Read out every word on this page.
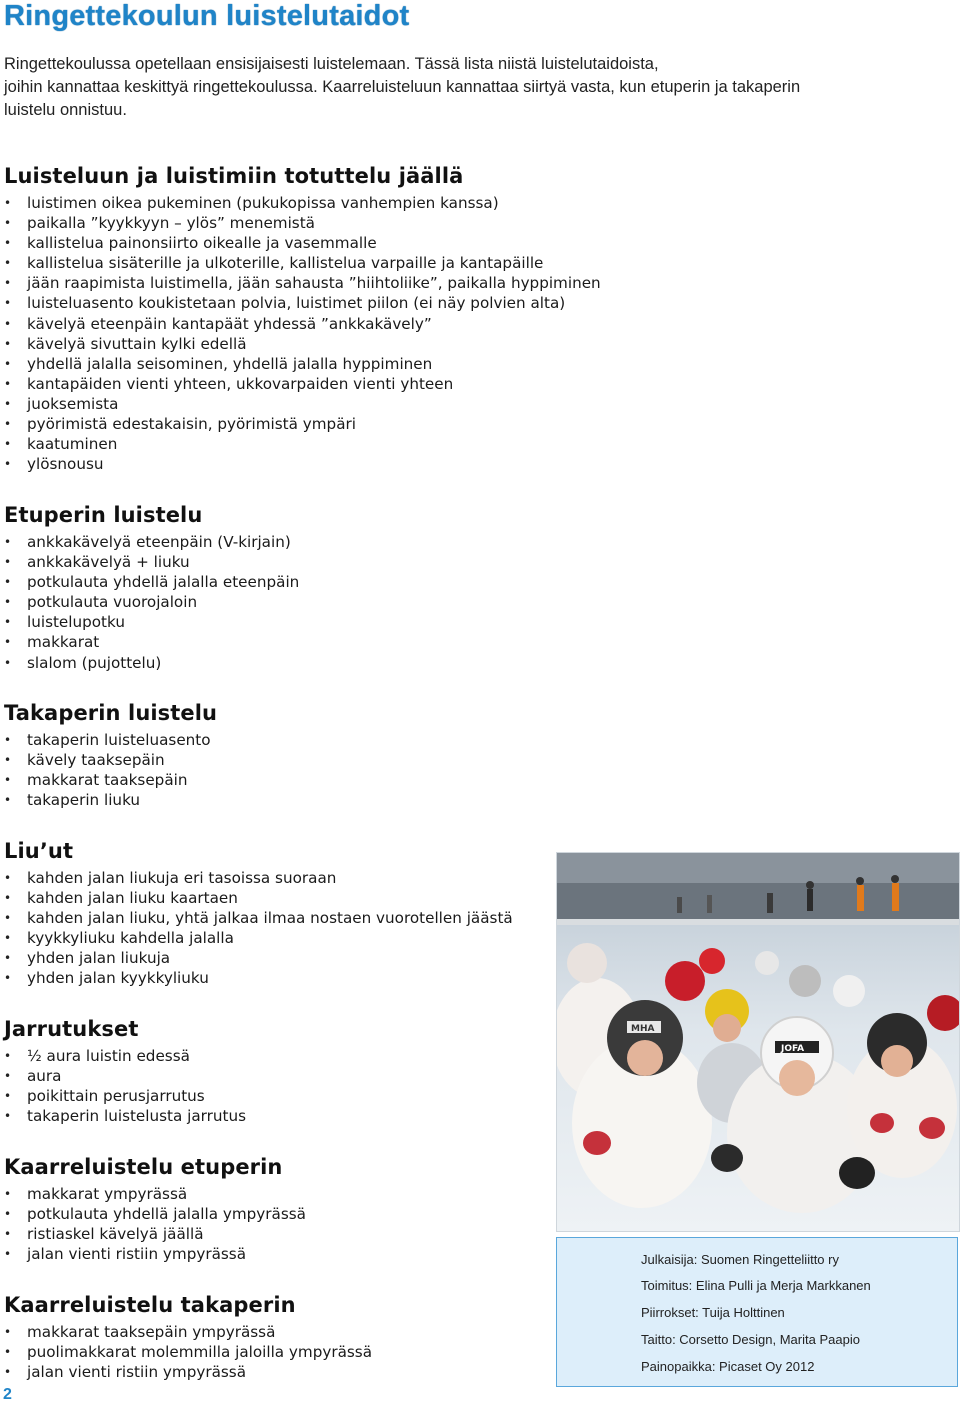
Ringettekoulun luistelutaidot

Ringettekoulussa opetellaan ensisijaisesti luistelemaan. Tässä lista niistä luistelutaidoista,
joihin kannattaa keskittyä ringettekoulussa. Kaarreluisteluun kannattaa siirtyä vasta, kun etuperin ja takaperin
luistelu onnistuu.

Luisteluun ja luistimiin totuttelu jäällä
• luistimen oikea pukeminen (pukukopissa vanhempien kanssa)
• paikalla ”kyykkyyn – ylös” menemistä
• kallistelua painonsiirto oikealle ja vasemmalle
• kallistelua sisäterille ja ulkoterille, kallistelua varpaille ja kantapäille
• jään raapimista luistimella, jään sahausta ”hiihtoliike”, paikalla hyppiminen
• luisteluasento koukistetaan polvia, luistimet piilon (ei näy polvien alta)
• kävelyä eteenpäin kantapäät yhdessä ”ankkakävely”
• kävelyä sivuttain kylki edellä
• yhdellä jalalla seisominen, yhdellä jalalla hyppiminen
• kantapäiden vienti yhteen, ukkovarpaiden vienti yhteen
• juoksemista
• pyörimistä edestakaisin, pyörimistä ympäri
• kaatuminen
• ylösnousu
Etuperin luistelu
• ankkakävelyä eteenpäin (V-kirjain)
• ankkakävelyä + liuku
• potkulauta yhdellä jalalla eteenpäin
• potkulauta vuorojaloin
• luistelupotku
• makkarat
• slalom (pujottelu)
Takaperin luistelu
• takaperin luisteluasento
• kävely taaksepäin
• makkarat taaksepäin
• takaperin liuku
Liu’ut
• kahden jalan liukuja eri tasoissa suoraan
• kahden jalan liuku kaartaen
• kahden jalan liuku, yhtä jalkaa ilmaa nostaen vuorotellen jäästä
• kyykkyliuku kahdella jalalla
• yhden jalan liukuja
• yhden jalan kyykkyliuku
Jarrutukset
• ½ aura luistin edessä
• aura
• poikittain perusjarrutus
• takaperin luistelusta jarrutus
Kaarreluistelu etuperin
• makkarat ympyrässä
• potkulauta yhdellä jalalla ympyrässä
• ristiaskel kävelyä jäällä
• jalan vienti ristiin ympyrässä
Kaarreluistelu takaperin
• makkarat taaksepäin ympyrässä
• puolimakkarat molemmilla jaloilla ympyrässä
• jalan vienti ristiin ympyrässä
MHA
JOFA

Julkaisija: Suomen Ringetteliitto ry

Toimitus: Elina Pulli ja Merja Markkanen

Piirrokset: Tuija Holttinen

Taitto: Corsetto Design, Marita Paapio

Painopaikka: Picaset Oy 2012

2
